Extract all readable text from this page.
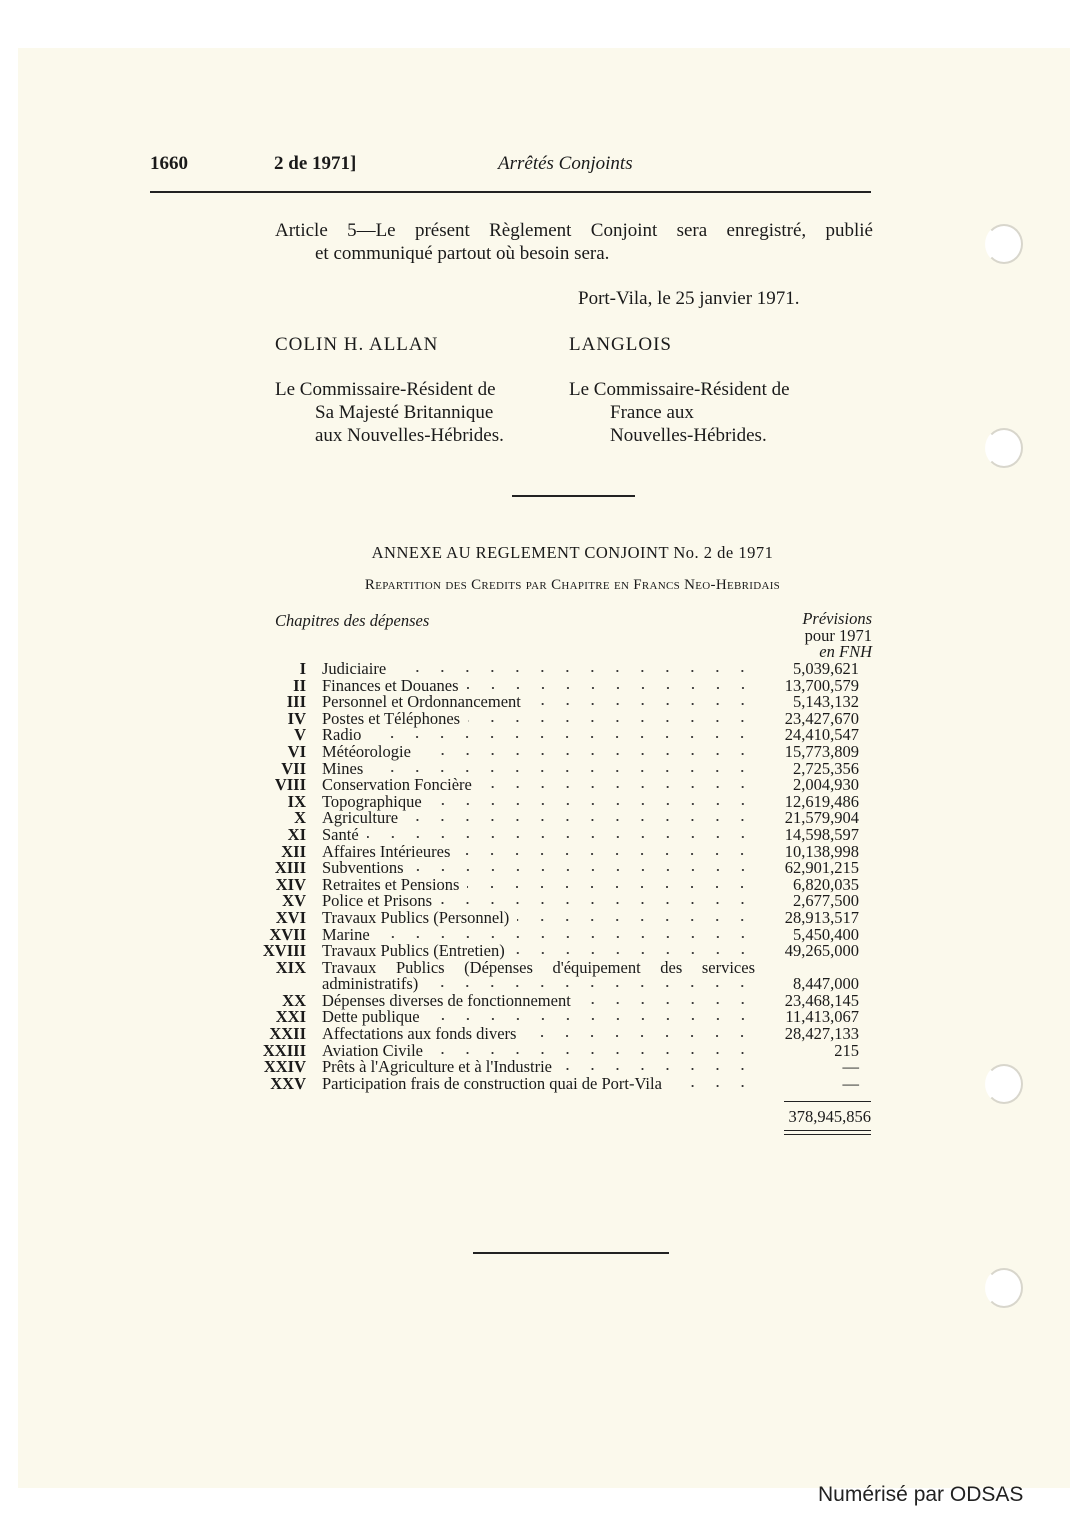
1660	2 de 1971]	Arrêtés Conjoints
Article 5—Le présent Règlement Conjoint sera enregistré, publié
et communiqué partout où besoin sera.
Port-Vila, le 25 janvier 1971.
COLIN H. ALLAN
Le Commissaire-Résident de
Sa Majesté Britannique
aux Nouvelles-Hébrides.
LANGLOIS
Le Commissaire-Résident de
France aux
Nouvelles-Hébrides.
ANNEXE AU REGLEMENT CONJOINT No. 2 de 1971
Repartition des Credits par Chapitre en Francs Neo-Hebridais
Chapitres des dépenses	Prévisions
pour 1971
en FNH
I	Judiciaire	5,039,621
II	Finances et Douanes	13,700,579
III	Personnel et Ordonnancement	5,143,132
IV	Postes et Téléphones	23,427,670
V	Radio	24,410,547
VI	Météorologie	15,773,809
VII	Mines	2,725,356
VIII	Conservation Foncière	2,004,930
IX	Topographique	12,619,486
X	Agriculture	21,579,904
XI	Santé	14,598,597
XII	Affaires Intérieures	10,138,998
XIII	Subventions	62,901,215
XIV	Retraites et Pensions	6,820,035
XV	Police et Prisons	2,677,500
XVI	Travaux Publics (Personnel)	28,913,517
XVII	Marine	5,450,400
XVIII	Travaux Publics (Entretien)	49,265,000
XIX	Travaux Publics (Dépenses d'équipement des services	

	administratifs)	8,447,000
XX	Dépenses diverses de fonctionnement	23,468,145
XXI	Dette publique	11,413,067
XXII	Affectations aux fonds divers	28,427,133
XXIII	Aviation Civile	215
XXIV	Prêts à l'Agriculture et à l'Industrie	—
XXV	Participation frais de construction quai de Port-Vila	—
378,945,856
Numérisé par ODSAS
